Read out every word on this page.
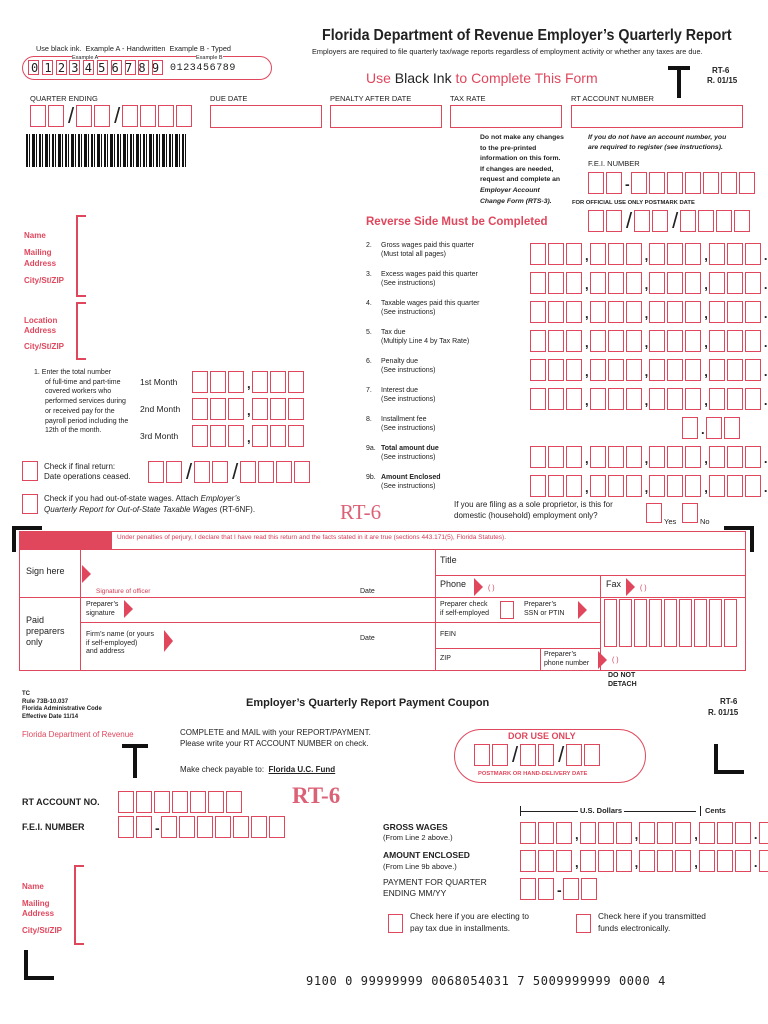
Florida Department of Revenue Employer’s Quarterly Report
Employers are required to file quarterly tax/wage reports regardless of employment activity or whether any taxes are due.
RT-6
R. 01/15
Use Black Ink to Complete This Form
Use black ink. Example A - Handwritten Example B - Typed
Example A	Example B
0123456789 0123456789
QUARTER ENDING	DUE DATE	PENALTY AFTER DATE	TAX RATE	RT ACCOUNT NUMBER
/ /
Do not make any changes
to the pre-printed
information on this form.
If changes are needed,
request and complete an
Employer Account
Change Form (RTS-3).
If you do not have an account number, you
are required to register (see instructions).
F.E.I. NUMBER
-
FOR OFFICIAL USE ONLY POSTMARK DATE
Reverse Side Must be Completed	/ /
Name
Mailing
Address
City/St/ZIP
Location
Address
City/St/ZIP
1. Enter the total number
of full-time and part-time
covered workers who
performed services during
or received pay for the
payroll period including the
12th of the month.
1st Month
2nd Month
3rd Month
,
,
,
Check if final return:
Date operations ceased.	/ /
Check if you had out-of-state wages. Attach Employer’s
Quarterly Report for Out-of-State Taxable Wages (RT-6NF).	RT-6	If you are filing as a sole proprietor, is this for
domestic (household) employment only?
Yes	No
2. Gross wages paid this quarter
(Must total all pages)	,	,	,	.
3. Excess wages paid this quarter
(See instructions)	,	,	,	.
4. Taxable wages paid this quarter
(See instructions)	,	,	,	.
5. Tax due
(Multiply Line 4 by Tax Rate)	,	,	,	.
6. Penalty due
(See instructions)	,	,	,	.
7. Interest due
(See instructions)	,	,	,	.
8. Installment fee
(See instructions)	.
9a. Total amount due
(See instructions)	,	,	,	.
9b. Amount Enclosed
(See instructions)	,	,	,	.
Under penalties of perjury, I declare that I have read this return and the facts stated in it are true (sections 443.171(5), Florida Statutes).
Sign here
Signature of officer	Date
Title
Phone	( )	Fax	( )
Paid
preparers
only
Preparer’s
signature
Firm’s name (or yours
if self-employed)
and address
Date
Preparer check
if self-employed
Preparer’s
SSN or PTIN
FEIN
ZIP
Preparer’s
phone number	( )
DO NOT
DETACH
TC
Rule 73B-10.037
Florida Administrative Code
Effective Date 11/14
Florida Department of Revenue
Employer’s Quarterly Report Payment Coupon	RT-6
R. 01/15
COMPLETE and MAIL with your REPORT/PAYMENT.
Please write your RT ACCOUNT NUMBER on check.
Make check payable to: Florida U.C. Fund
DOR USE ONLY
/ /
POSTMARK OR HAND-DELIVERY DATE
RT ACCOUNT NO.	RT-6
F.E.I. NUMBER	-
U.S. Dollars	Cents
GROSS WAGES
(From Line 2 above.)
AMOUNT ENCLOSED
(From Line 9b above.)
PAYMENT FOR QUARTER
ENDING MM/YY
,	,	,	.
,	,	,	.
-
Name
Mailing
Address
City/St/ZIP
Check here if you are electing to
pay tax due in installments.
Check here if you transmitted
funds electronically.
9100 0 99999999 0068054031 7 5009999999 0000 4
